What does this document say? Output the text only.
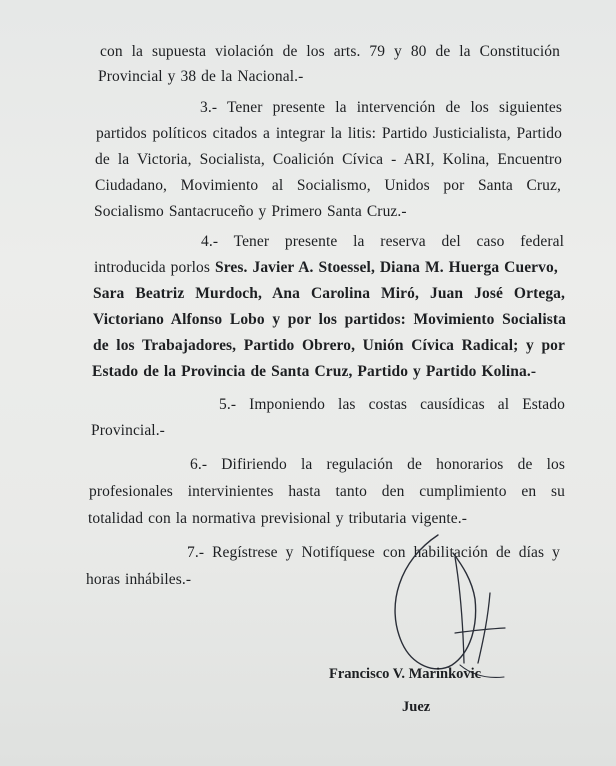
con la supuesta violación de los arts. 79 y 80 de la Constitución
Provincial y 38 de la Nacional.-
3.- Tener presente la intervención de los siguientes
partidos políticos citados a integrar la litis: Partido Justicialista, Partido
de la Victoria, Socialista, Coalición Cívica - ARI, Kolina, Encuentro
Ciudadano, Movimiento al Socialismo, Unidos por Santa Cruz,
Socialismo Santacruceño y Primero Santa Cruz.-
4.- Tener presente la reserva del caso federal
introducida porlos Sres. Javier A. Stoessel, Diana M. Huerga Cuervo,
Sara Beatriz Murdoch, Ana Carolina Miró, Juan José Ortega,
Victoriano Alfonso Lobo y por los partidos: Movimiento Socialista
de los Trabajadores, Partido Obrero, Unión Cívica Radical; y por
Estado de la Provincia de Santa Cruz, Partido y Partido Kolina.-
5.- Imponiendo las costas causídicas al Estado
Provincial.-
6.- Difiriendo la regulación de honorarios de los
profesionales intervinientes hasta tanto den cumplimiento en su
totalidad con la normativa previsional y tributaria vigente.-
7.- Regístrese y Notifíquese con habilitación de días y
horas inhábiles.-
Francisco V. Marinkovic
Juez
